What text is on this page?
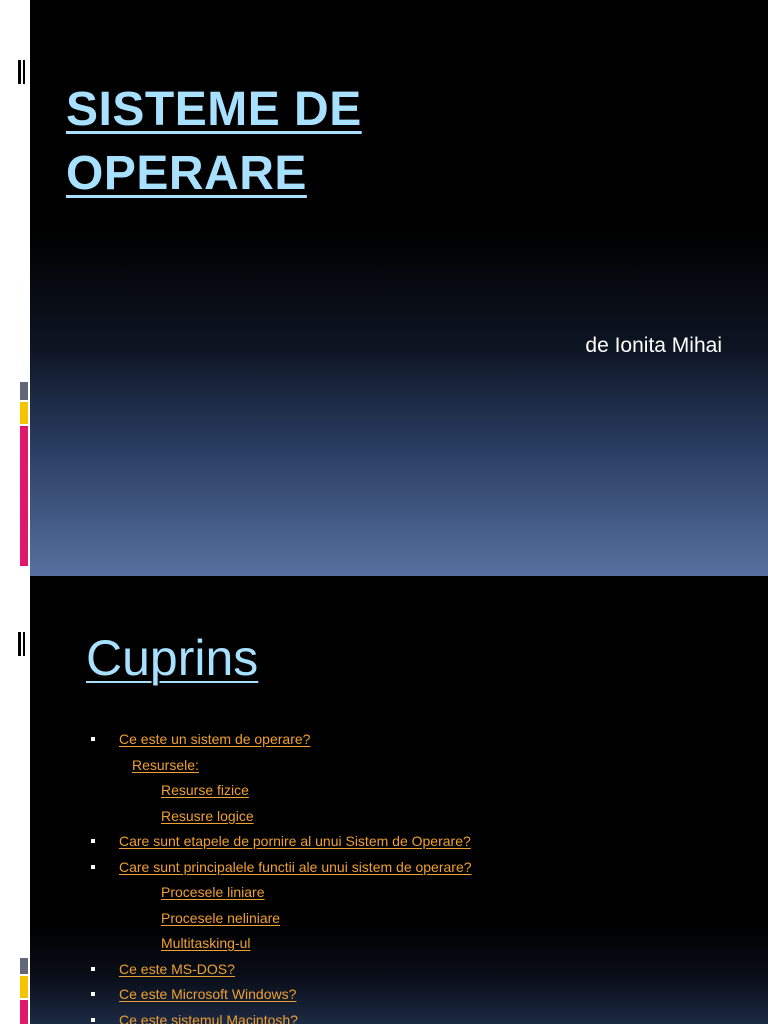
SISTEME DE
OPERARE
de Ionita Mihai
Cuprins
Ce este un sistem de operare?
Resursele:
Resurse fizice
Resusre logice
Care sunt etapele de pornire al unui Sistem de Operare?
Care sunt principalele functii ale unui sistem de operare?
Procesele liniare
Procesele neliniare
Multitasking-ul
Ce este MS-DOS?
Ce este Microsoft Windows?
Ce este sistemul Macintosh?
